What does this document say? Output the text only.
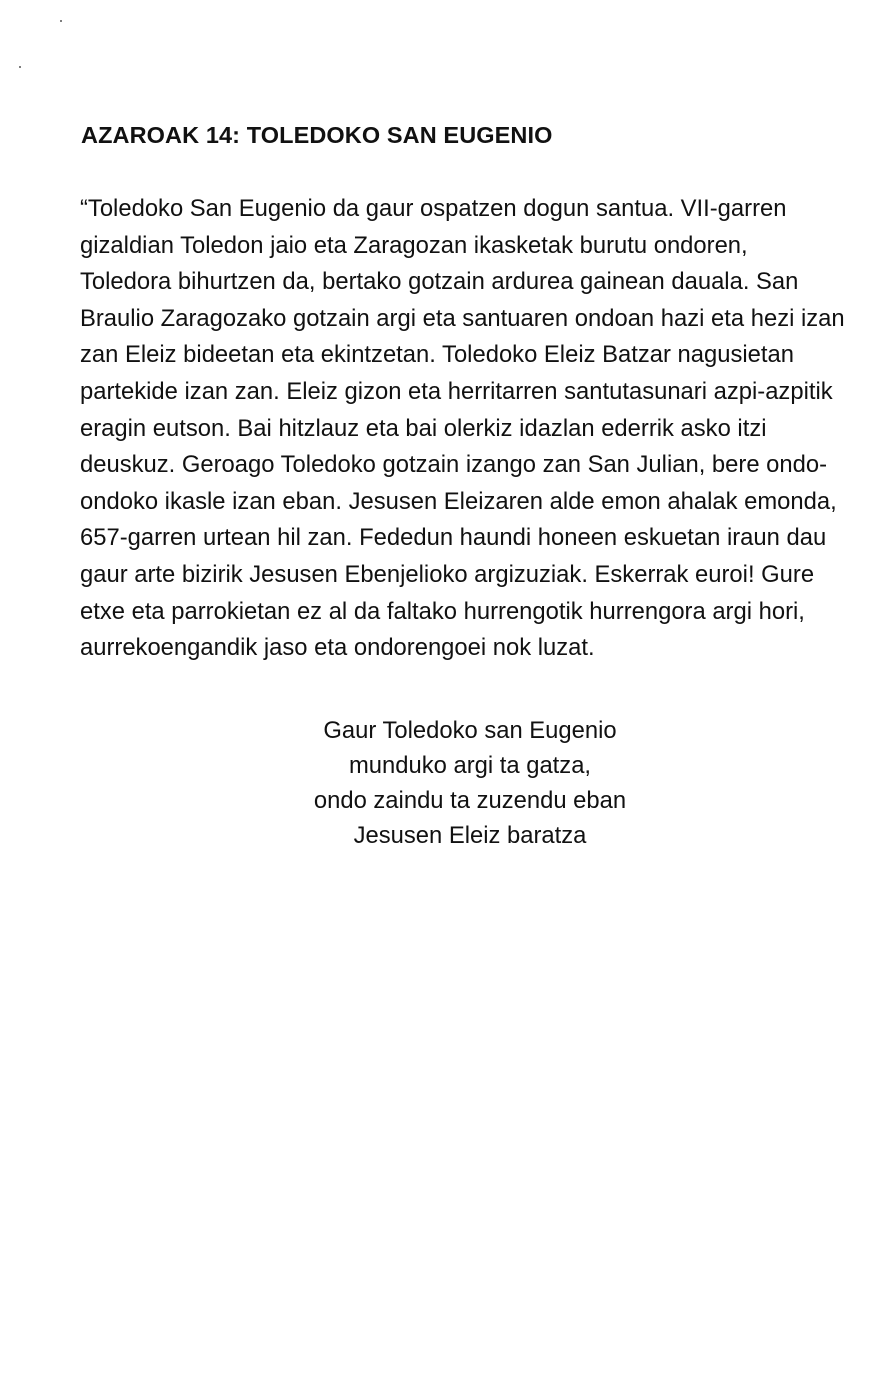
AZAROAK 14: TOLEDOKO SAN EUGENIO
“Toledoko San Eugenio da gaur ospatzen dogun santua. VII-garren
gizaldian Toledon jaio eta Zaragozan ikasketak burutu ondoren,
Toledora bihurtzen da, bertako gotzain ardurea gainean dauala. San
Braulio Zaragozako gotzain argi eta santuaren ondoan hazi eta hezi izan
zan Eleiz bideetan eta ekintzetan. Toledoko Eleiz Batzar nagusietan
partekide izan zan. Eleiz gizon eta herritarren santutasunari azpi-azpitik
eragin eutson. Bai hitzlauz eta bai olerkiz idazlan ederrik asko itzi
deuskuz. Geroago Toledoko gotzain izango zan San Julian, bere ondo-
ondoko ikasle izan eban. Jesusen Eleizaren alde emon ahalak emonda,
657-garren urtean hil zan. Fededun haundi honeen eskuetan iraun dau
gaur arte bizirik Jesusen Ebenjelioko argizuziak. Eskerrak euroi! Gure
etxe eta parrokietan ez al da faltako hurrengotik hurrengora argi hori,
aurrekoengandik jaso eta ondorengoei nok luzat.
Gaur Toledoko san Eugenio
munduko argi ta gatza,
ondo zaindu ta zuzendu eban
Jesusen Eleiz baratza
